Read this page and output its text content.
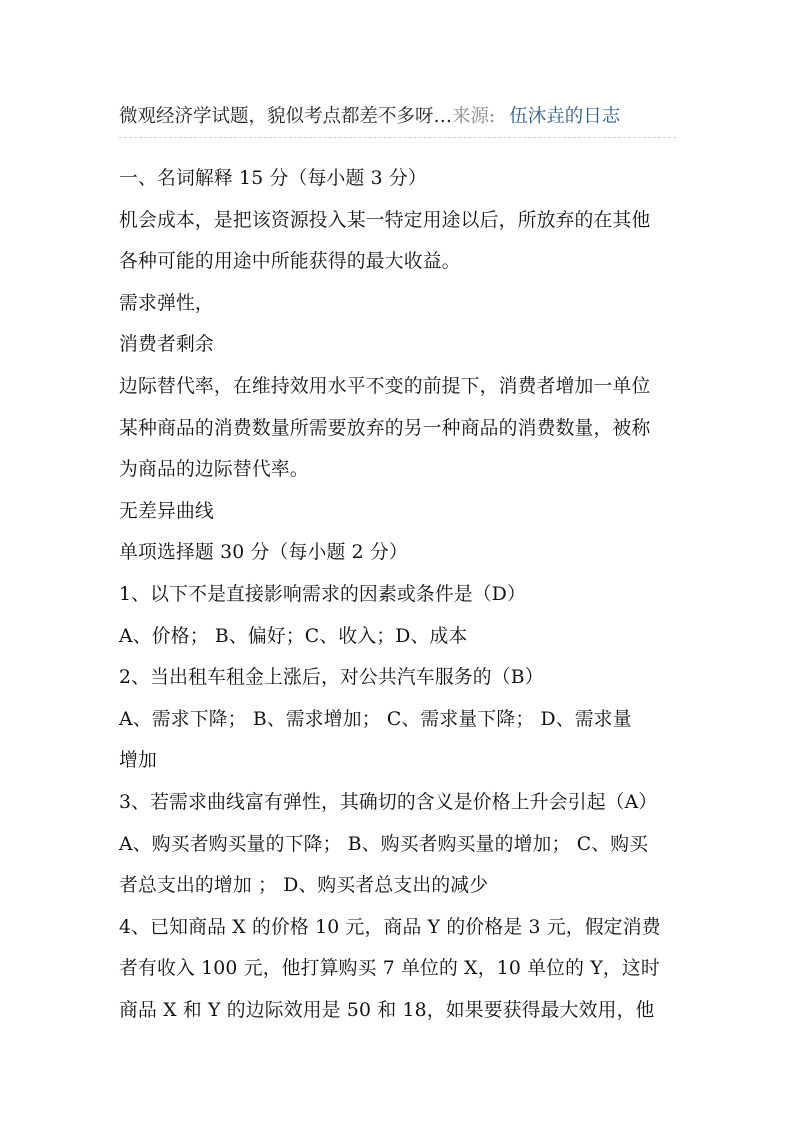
微观经济学试题，貌似考点都差不多呀…来源: 伍沐垚的日志
一、名词解释 15 分（每小题 3 分）
机会成本，是把该资源投入某一特定用途以后，所放弃的在其他
各种可能的用途中所能获得的最大收益。
需求弹性，
消费者剩余
边际替代率，在维持效用水平不变的前提下，消费者增加一单位
某种商品的消费数量所需要放弃的另一种商品的消费数量，被称
为商品的边际替代率。
无差异曲线
单项选择题 30 分（每小题 2 分）
1、以下不是直接影响需求的因素或条件是（D）
A、价格； B、偏好；C、收入；D、成本
2、当出租车租金上涨后，对公共汽车服务的（B）
A、需求下降； B、需求增加； C、需求量下降； D、需求量
增加
3、若需求曲线富有弹性，其确切的含义是价格上升会引起（A）
A、购买者购买量的下降； B、购买者购买量的增加； C、购买
者总支出的增加 ； D、购买者总支出的减少
4、已知商品 X 的价格 10 元，商品 Y 的价格是 3 元，假定消费
者有收入 100 元，他打算购买 7 单位的 X，10 单位的 Y，这时
商品 X 和 Y 的边际效用是 50 和 18，如果要获得最大效用，他
